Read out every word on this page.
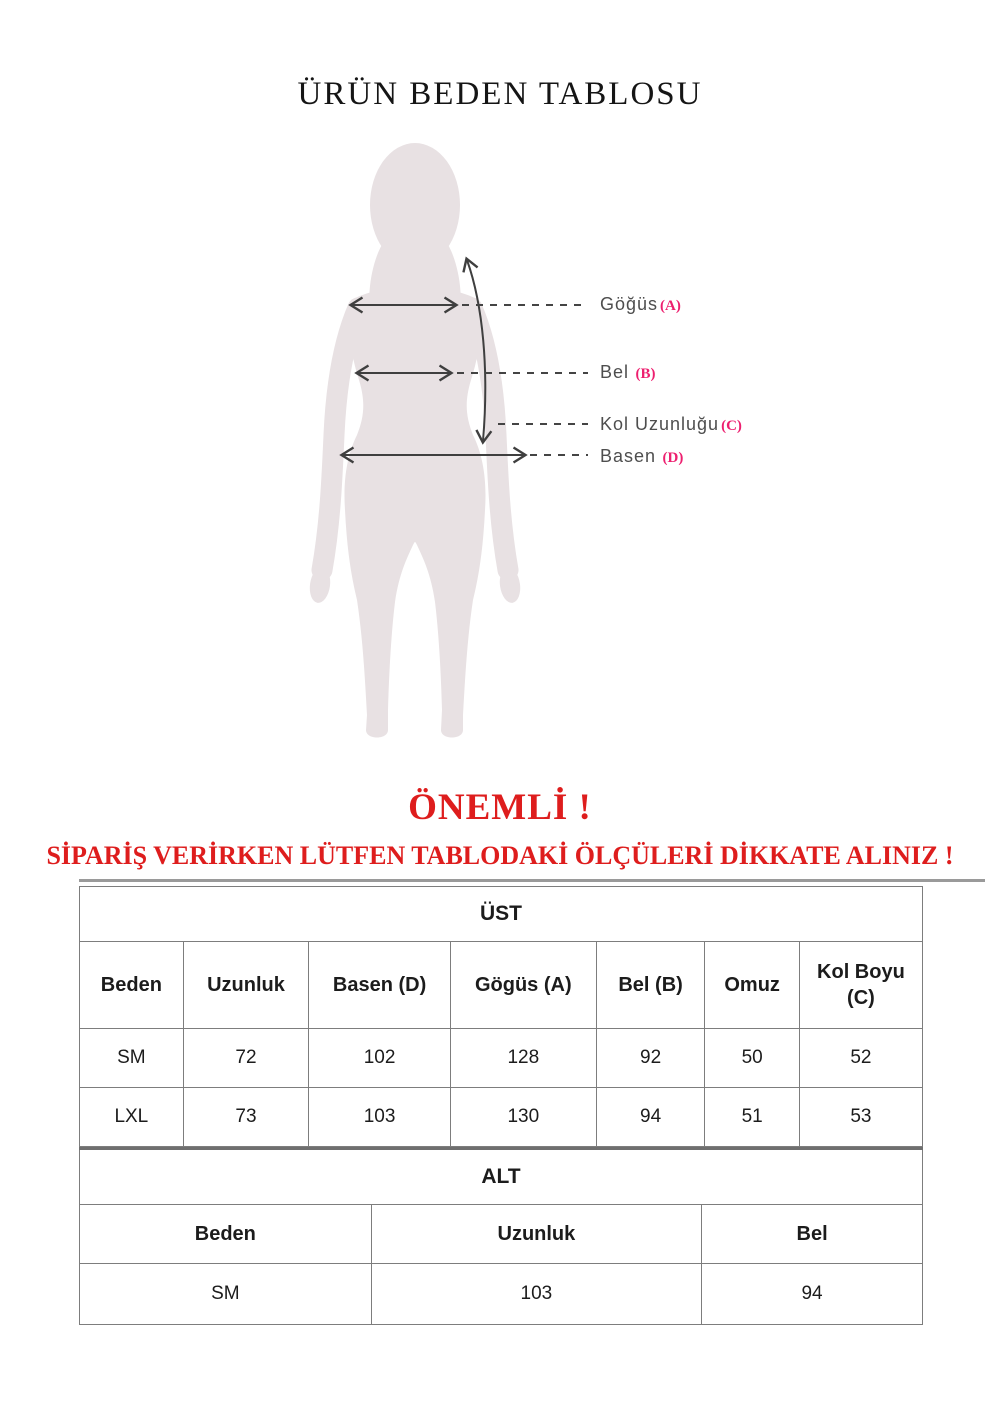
ÜRÜN BEDEN TABLOSU
Göğüs (A)
Bel (B)
Kol Uzunluğu (C)
Basen (D)
ÖNEMLİ !
SİPARİŞ VERİRKEN LÜTFEN TABLODAKİ ÖLÇÜLERİ DİKKATE ALINIZ !
ÜST						
Beden	Uzunluk	Basen (D)	Gögüs (A)	Bel (B)	Omuz	Kol Boyu (C)
SM	72	102	128	92	50	52
LXL	73	103	130	94	51	53
ALT		
Beden	Uzunluk	Bel
SM	103	94
